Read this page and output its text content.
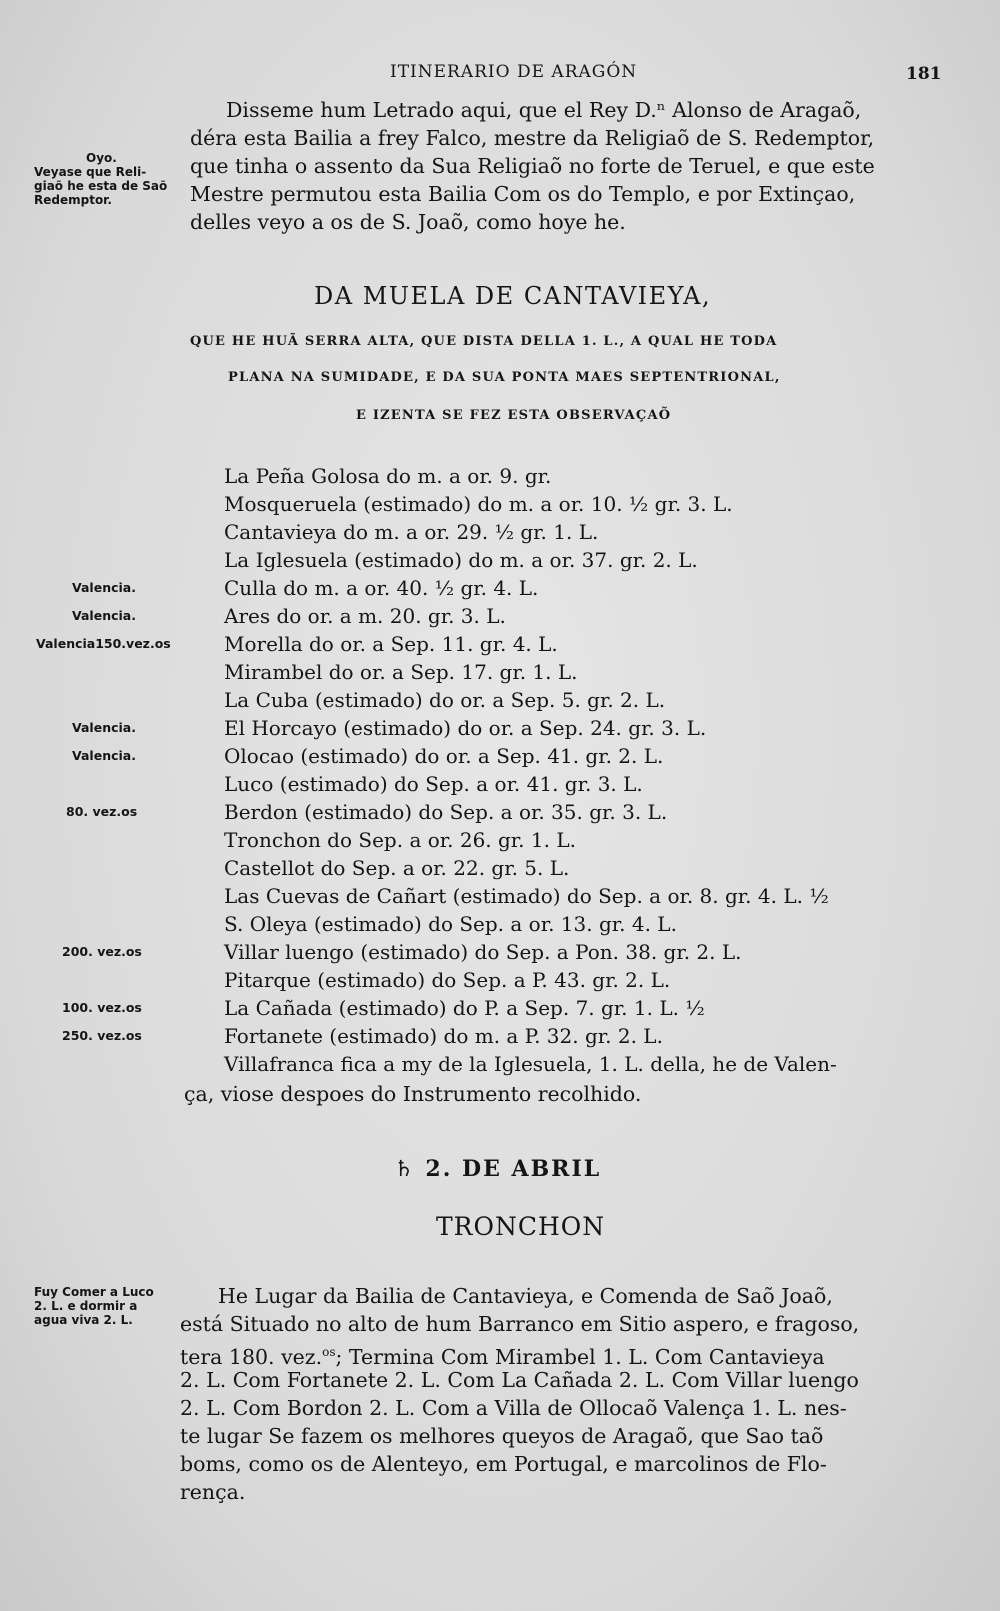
ITINERARIO DE ARAGÓN	181
Oyo.
Veyase que Reli-
giaõ he esta de Saõ
Redemptor.
Disseme hum Letrado aqui, que el Rey D.ⁿ Alonso de Aragaõ,
déra esta Bailia a frey Falco, mestre da Religiaõ de S. Redemptor,
que tinha o assento da Sua Religiaõ no forte de Teruel, e que este
Mestre permutou esta Bailia Com os do Templo, e por Extinçao,
delles veyo a os de S. Joaõ, como hoye he.
DA MUELA DE CANTAVIEYA,
QUE HE HUÃ SERRA ALTA, QUE DISTA DELLA 1. L., A QUAL HE TODA
PLANA NA SUMIDADE, E DA SUA PONTA MAES SEPTENTRIONAL,
E IZENTA SE FEZ ESTA OBSERVAÇAÕ
La Peña Golosa do m. a or. 9. gr.
Mosqueruela (estimado) do m. a or. 10. ½ gr. 3. L.
Cantavieya do m. a or. 29. ½ gr. 1. L.
La Iglesuela (estimado) do m. a or. 37. gr. 2. L.
Culla do m. a or. 40. ½ gr. 4. L.
Ares do or. a m. 20. gr. 3. L.
Morella do or. a Sep. 11. gr. 4. L.
Mirambel do or. a Sep. 17. gr. 1. L.
La Cuba (estimado) do or. a Sep. 5. gr. 2. L.
El Horcayo (estimado) do or. a Sep. 24. gr. 3. L.
Olocao (estimado) do or. a Sep. 41. gr. 2. L.
Luco (estimado) do Sep. a or. 41. gr. 3. L.
Berdon (estimado) do Sep. a or. 35. gr. 3. L.
Tronchon do Sep. a or. 26. gr. 1. L.
Castellot do Sep. a or. 22. gr. 5. L.
Las Cuevas de Cañart (estimado) do Sep. a or. 8. gr. 4. L. ½
S. Oleya (estimado) do Sep. a or. 13. gr. 4. L.
Villar luengo (estimado) do Sep. a Pon. 38. gr. 2. L.
Pitarque (estimado) do Sep. a P. 43. gr. 2. L.
La Cañada (estimado) do P. a Sep. 7. gr. 1. L. ½
Fortanete (estimado) do m. a P. 32. gr. 2. L.
Villafranca fica a my de la Iglesuela, 1. L. della, he de Valen-
ça, viose despoes do Instrumento recolhido.
Valencia.
Valencia.
Valencia150.vez.os
Valencia.
Valencia.
80. vez.os
200. vez.os
100. vez.os
250. vez.os
♄ 2. DE ABRIL
TRONCHON
Fuy Comer a Luco
2. L. e dormir a
agua viva 2. L.
He Lugar da Bailia de Cantavieya, e Comenda de Saõ Joaõ,
está Situado no alto de hum Barranco em Sitio aspero, e fragoso,
tera 180. vez.$^{os}$; Termina Com Mirambel 1. L. Com Cantavieya
2. L. Com Fortanete 2. L. Com La Cañada 2. L. Com Villar luengo
2. L. Com Bordon 2. L. Com a Villa de Ollocaõ Valença 1. L. nes-
te lugar Se fazem os melhores queyos de Aragaõ, que Sao taõ
boms, como os de Alenteyo, em Portugal, e marcolinos de Flo-
rença.
